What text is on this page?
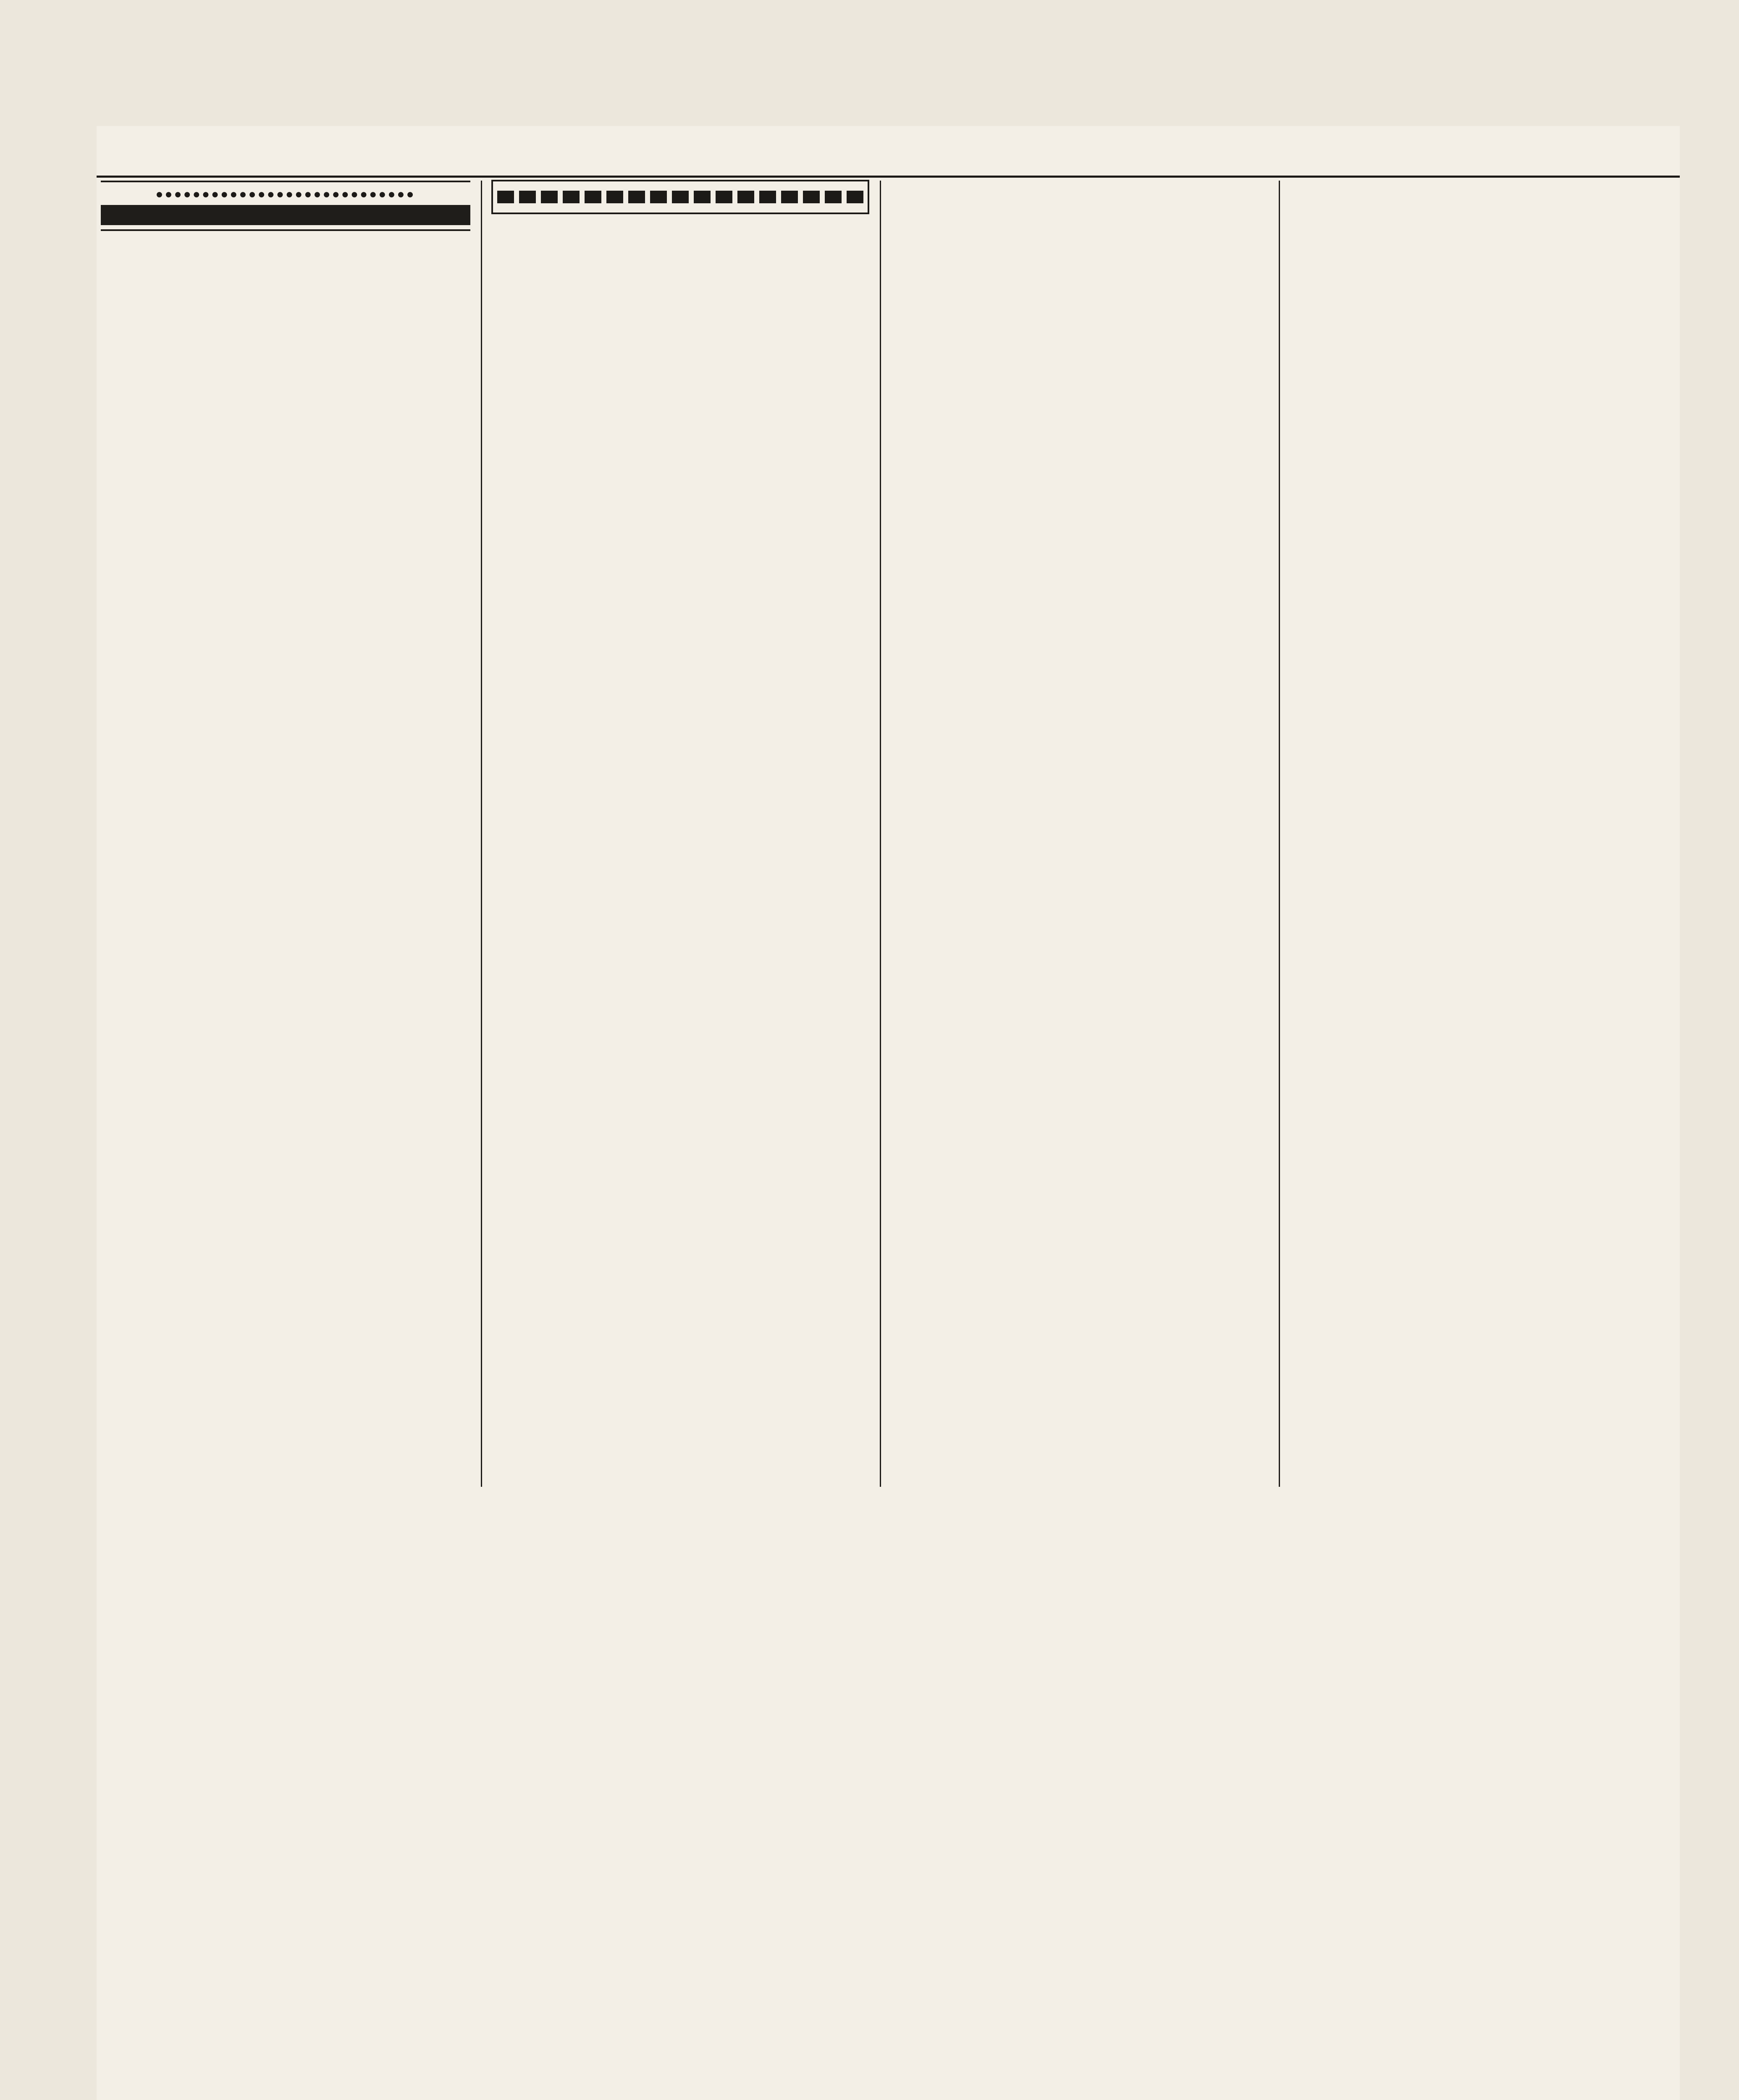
●●●●●●●●●●●●●●●●●●●●●●●●●●●●
